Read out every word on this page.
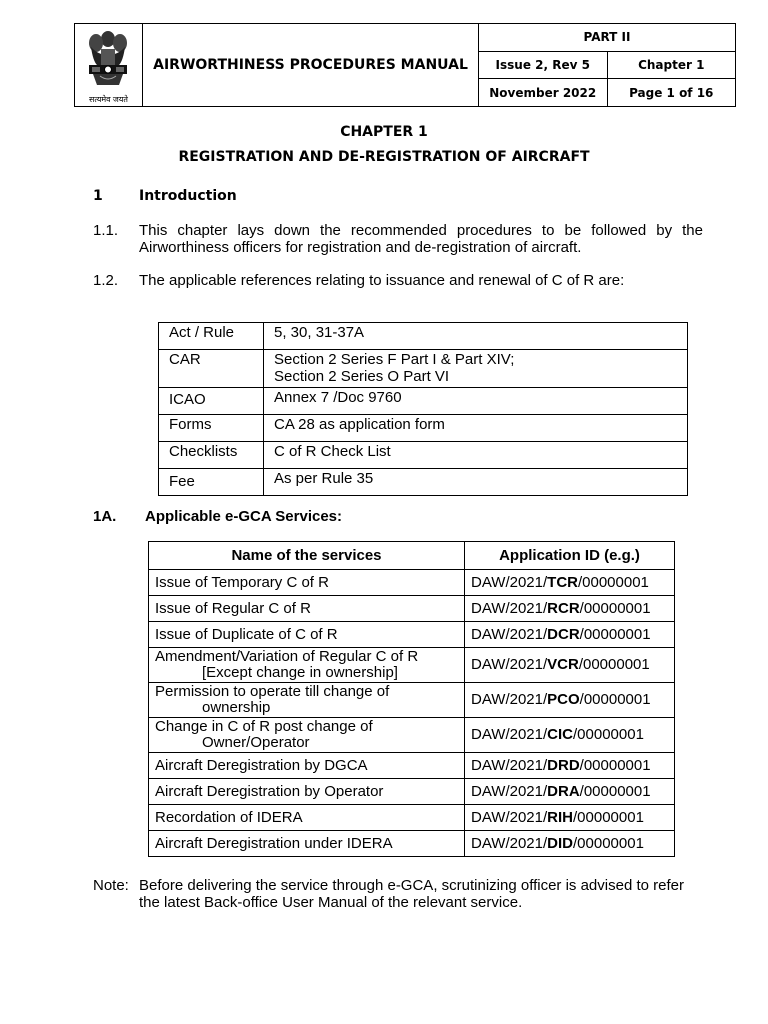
सत्यमेव जयते	AIRWORTHINESS PROCEDURES MANUAL	PART II	
		Issue 2, Rev 5	Chapter 1
		November 2022	Page 1 of 16
CHAPTER 1
REGISTRATION AND DE-REGISTRATION OF AIRCRAFT
1	Introduction
1.1. This chapter lays down the recommended procedures to be followed by the Airworthiness officers for registration and de-registration of aircraft.
1.2. The applicable references relating to issuance and renewal of C of R are:
Act / Rule	5, 30, 31-37A
CAR	Section 2 Series F Part I & Part XIV;
Section 2 Series O Part VI
ICAO	Annex 7 /Doc 9760
Forms	CA 28 as application form
Checklists	C of R Check List
Fee	As per Rule 35
1A. Applicable e-GCA Services:
Name of the services	Application ID (e.g.)
Issue of Temporary C of R	DAW/2021/TCR/00000001
Issue of Regular C of R	DAW/2021/RCR/00000001
Issue of Duplicate of C of R	DAW/2021/DCR/00000001
Amendment/Variation of Regular C of R
[Except change in ownership]	DAW/2021/VCR/00000001
Permission to operate till change of
ownership	DAW/2021/PCO/00000001
Change in C of R post change of
Owner/Operator	DAW/2021/CIC/00000001
Aircraft Deregistration by DGCA	DAW/2021/DRD/00000001
Aircraft Deregistration by Operator	DAW/2021/DRA/00000001
Recordation of IDERA	DAW/2021/RIH/00000001
Aircraft Deregistration under IDERA	DAW/2021/DID/00000001
Note: Before delivering the service through e-GCA, scrutinizing officer is advised to refer the latest Back-office User Manual of the relevant service.
